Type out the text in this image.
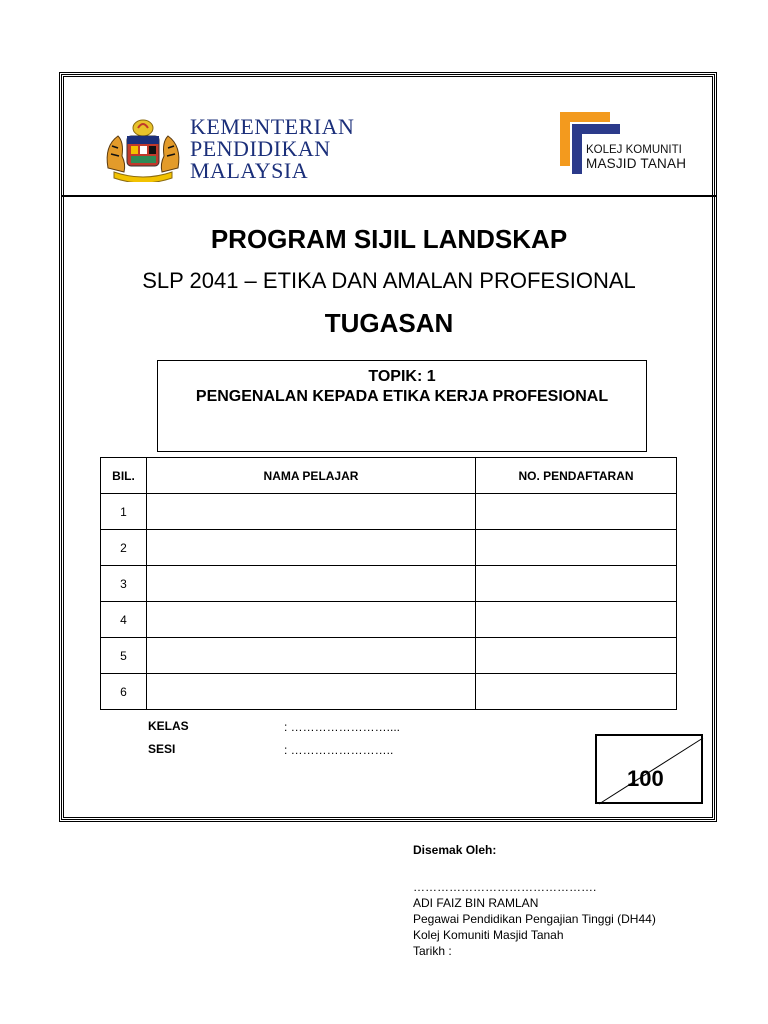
KEMENTERIAN
PENDIDIKAN
MALAYSIA
KOLEJ KOMUNITI
MASJID TANAH
PROGRAM SIJIL LANDSKAP
SLP 2041 – ETIKA DAN AMALAN PROFESIONAL
TUGASAN
TOPIK: 1
PENGENALAN KEPADA ETIKA KERJA PROFESIONAL
BIL.	NAMA PELAJAR	NO. PENDAFTARAN
1		
2		
3		
4		
5		
6		
KELAS	: ……………………....
SESI	: ……………………..
100
Disemak Oleh:
……………………………………….
ADI FAIZ BIN RAMLAN
Pegawai Pendidikan Pengajian Tinggi (DH44)
Kolej Komuniti Masjid Tanah
Tarikh :
